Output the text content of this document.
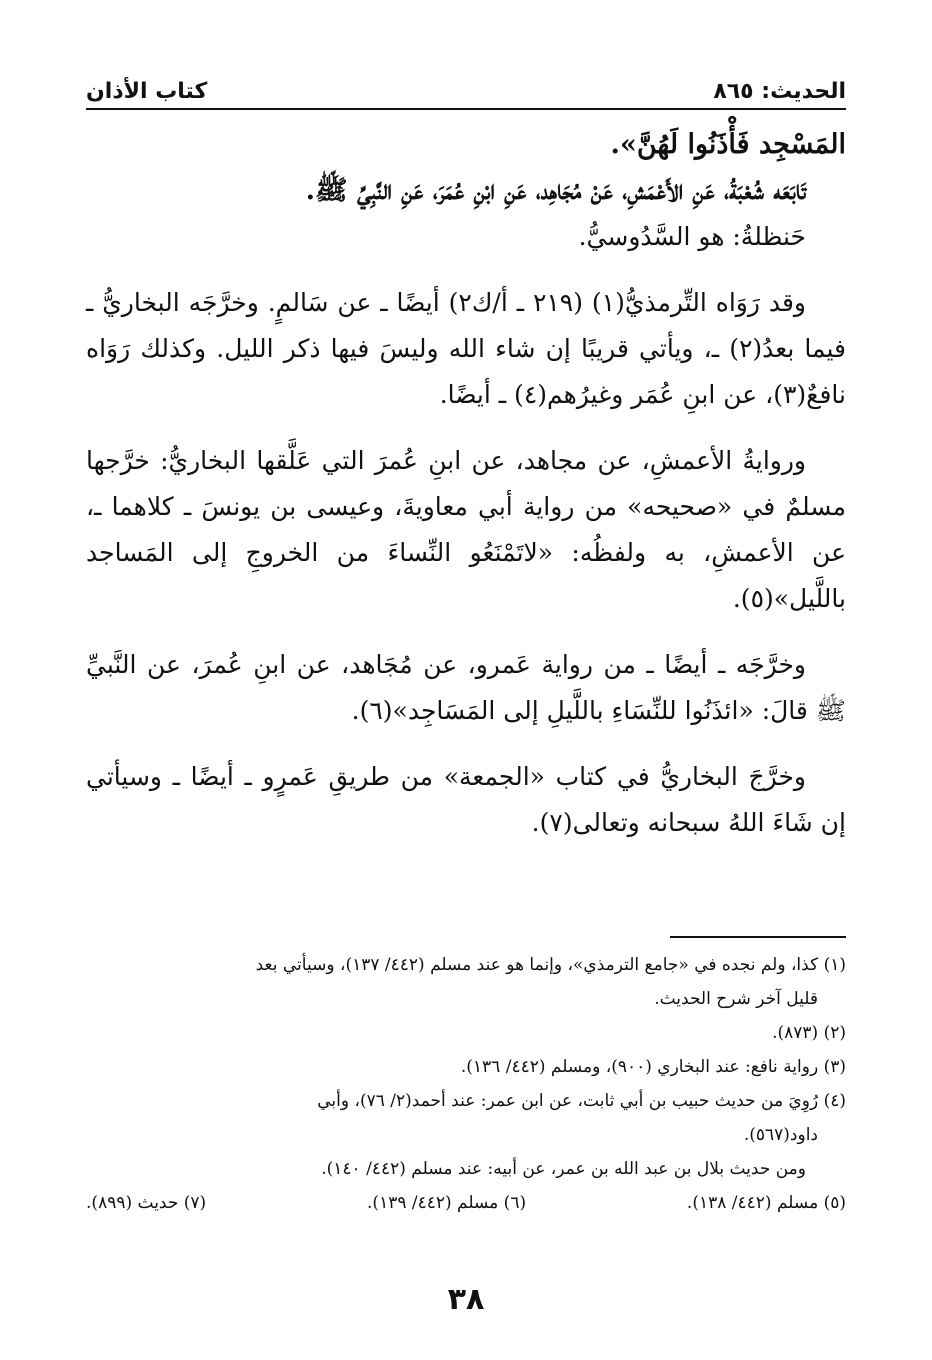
الحديث: ٨٦٥
كتاب الأذان

المَسْجِد فَأْذَنُوا لَهُنَّ».

تَابَعَه شُعْبَةُ، عَنِ الأَعْمَشِ، عَنْ مُجَاهِد، عَنِ ابْنِ عُمَرَ، عَنِ النَّبِيِّ ﷺ.

حَنظلةُ: هو السَّدُوسيُّ.

وقد رَوَاه التِّرمذيُّ(١) (٢١٩ ـ أ/ك٢) أيضًا ـ عن سَالمٍ. وخرَّجَه البخاريُّ ـ فيما بعدُ(٢) ـ، ويأتي قريبًا إن شاء الله وليسَ فيها ذكر الليل. وكذلك رَوَاه نافعٌ(٣)، عن ابنِ عُمَر وغيرُهم(٤) ـ أيضًا.

وروايةُ الأعمشِ، عن مجاهد، عن ابنِ عُمرَ التي عَلَّقها البخاريُّ: خرَّجها مسلمٌ في «صحيحه» من رواية أبي معاويةَ، وعيسى بن يونسَ ـ كلاهما ـ، عن الأعمشِ، به ولفظُه: «لاتَمْنَعُو النِّساءَ من الخروجِ إلى المَساجد باللَّيل»(٥).

وخرَّجَه ـ أيضًا ـ من رواية عَمرو، عن مُجَاهد، عن ابنِ عُمرَ، عن النَّبيِّ ﷺ قالَ: «ائذَنُوا للنِّسَاءِ باللَّيلِ إلى المَسَاجِد»(٦).

وخرَّجَ البخاريُّ في كتاب «الجمعة» من طريقِ عَمرٍو ـ أيضًا ـ وسيأتي إن شَاءَ اللهُ سبحانه وتعالى(٧).

(١) كذا، ولم نجده في «جامع الترمذي»، وإنما هو عند مسلم (٤٤٢/ ١٣٧)، وسيأتي بعد

قليل آخر شرح الحديث.

(٢) (٨٧٣).

(٣) رواية نافع: عند البخاري (٩٠٠)، ومسلم (٤٤٢/ ١٣٦).

(٤) رُوِيَ من حديث حبيب بن أبي ثابت، عن ابن عمر: عند أحمد(٢/ ٧٦)، وأبي

داود(٥٦٧).

ومن حديث بلال بن عبد الله بن عمر، عن أبيه: عند مسلم (٤٤٢/ ١٤٠).

(٥) مسلم (٤٤٢/ ١٣٨).
(٦) مسلم (٤٤٢/ ١٣٩).
(٧) حديث (٨٩٩).
٣٨
